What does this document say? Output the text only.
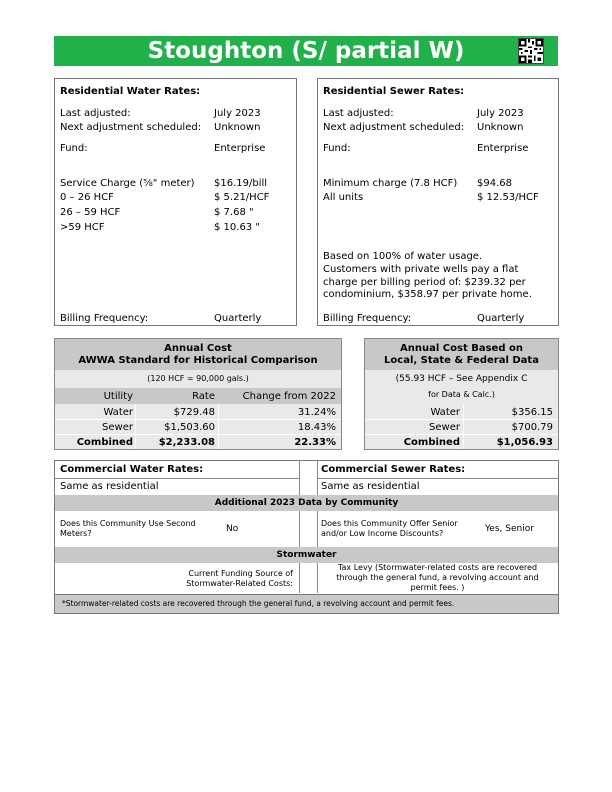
Stoughton (S/ partial W)
Residential Water Rates:
Last adjusted:	July 2023
Next adjustment scheduled: Unknown
Fund:	Enterprise
Service Charge (⅝" meter) $16.19/bill
0 – 26 HCF	$ 5.21/HCF
26 – 59 HCF	$ 7.68 "
>59 HCF	$ 10.63 "
Billing Frequency:	Quarterly
Residential Sewer Rates:
Last adjusted:	July 2023
Next adjustment scheduled: Unknown
Fund:	Enterprise
Minimum charge (7.8 HCF) $94.68
All units	$ 12.53/HCF
Based on 100% of water usage.
Customers with private wells pay a flat
charge per billing period of: $239.32 per
condominium, $358.97 per private home.
Billing Frequency:	Quarterly
Annual Cost
AWWA Standard for Historical Comparison
(120 HCF = 90,000 gals.)
Utility	Rate	Change from 2022
Water	$729.48	31.24%
Sewer	$1,503.60	18.43%
Combined	$2,233.08	22.33%
Annual Cost Based on
Local, State & Federal Data
(55.93 HCF – See Appendix C
for Data & Calc.)
Water	$356.15
Sewer	$700.79
Combined	$1,056.93
Commercial Water Rates:
Same as residential
Commercial Sewer Rates:
Same as residential
Additional 2023 Data by Community
Does this Community Use Second
Meters?	No
Does this Community Offer Senior
and/or Low Income Discounts?	Yes, Senior
Stormwater
Current Funding Source of
Stormwater-Related Costs:
Tax Levy (Stormwater-related costs are recovered
through the general fund, a revolving account and
permit fees. )
*Stormwater-related costs are recovered through the general fund, a revolving account and permit fees.
